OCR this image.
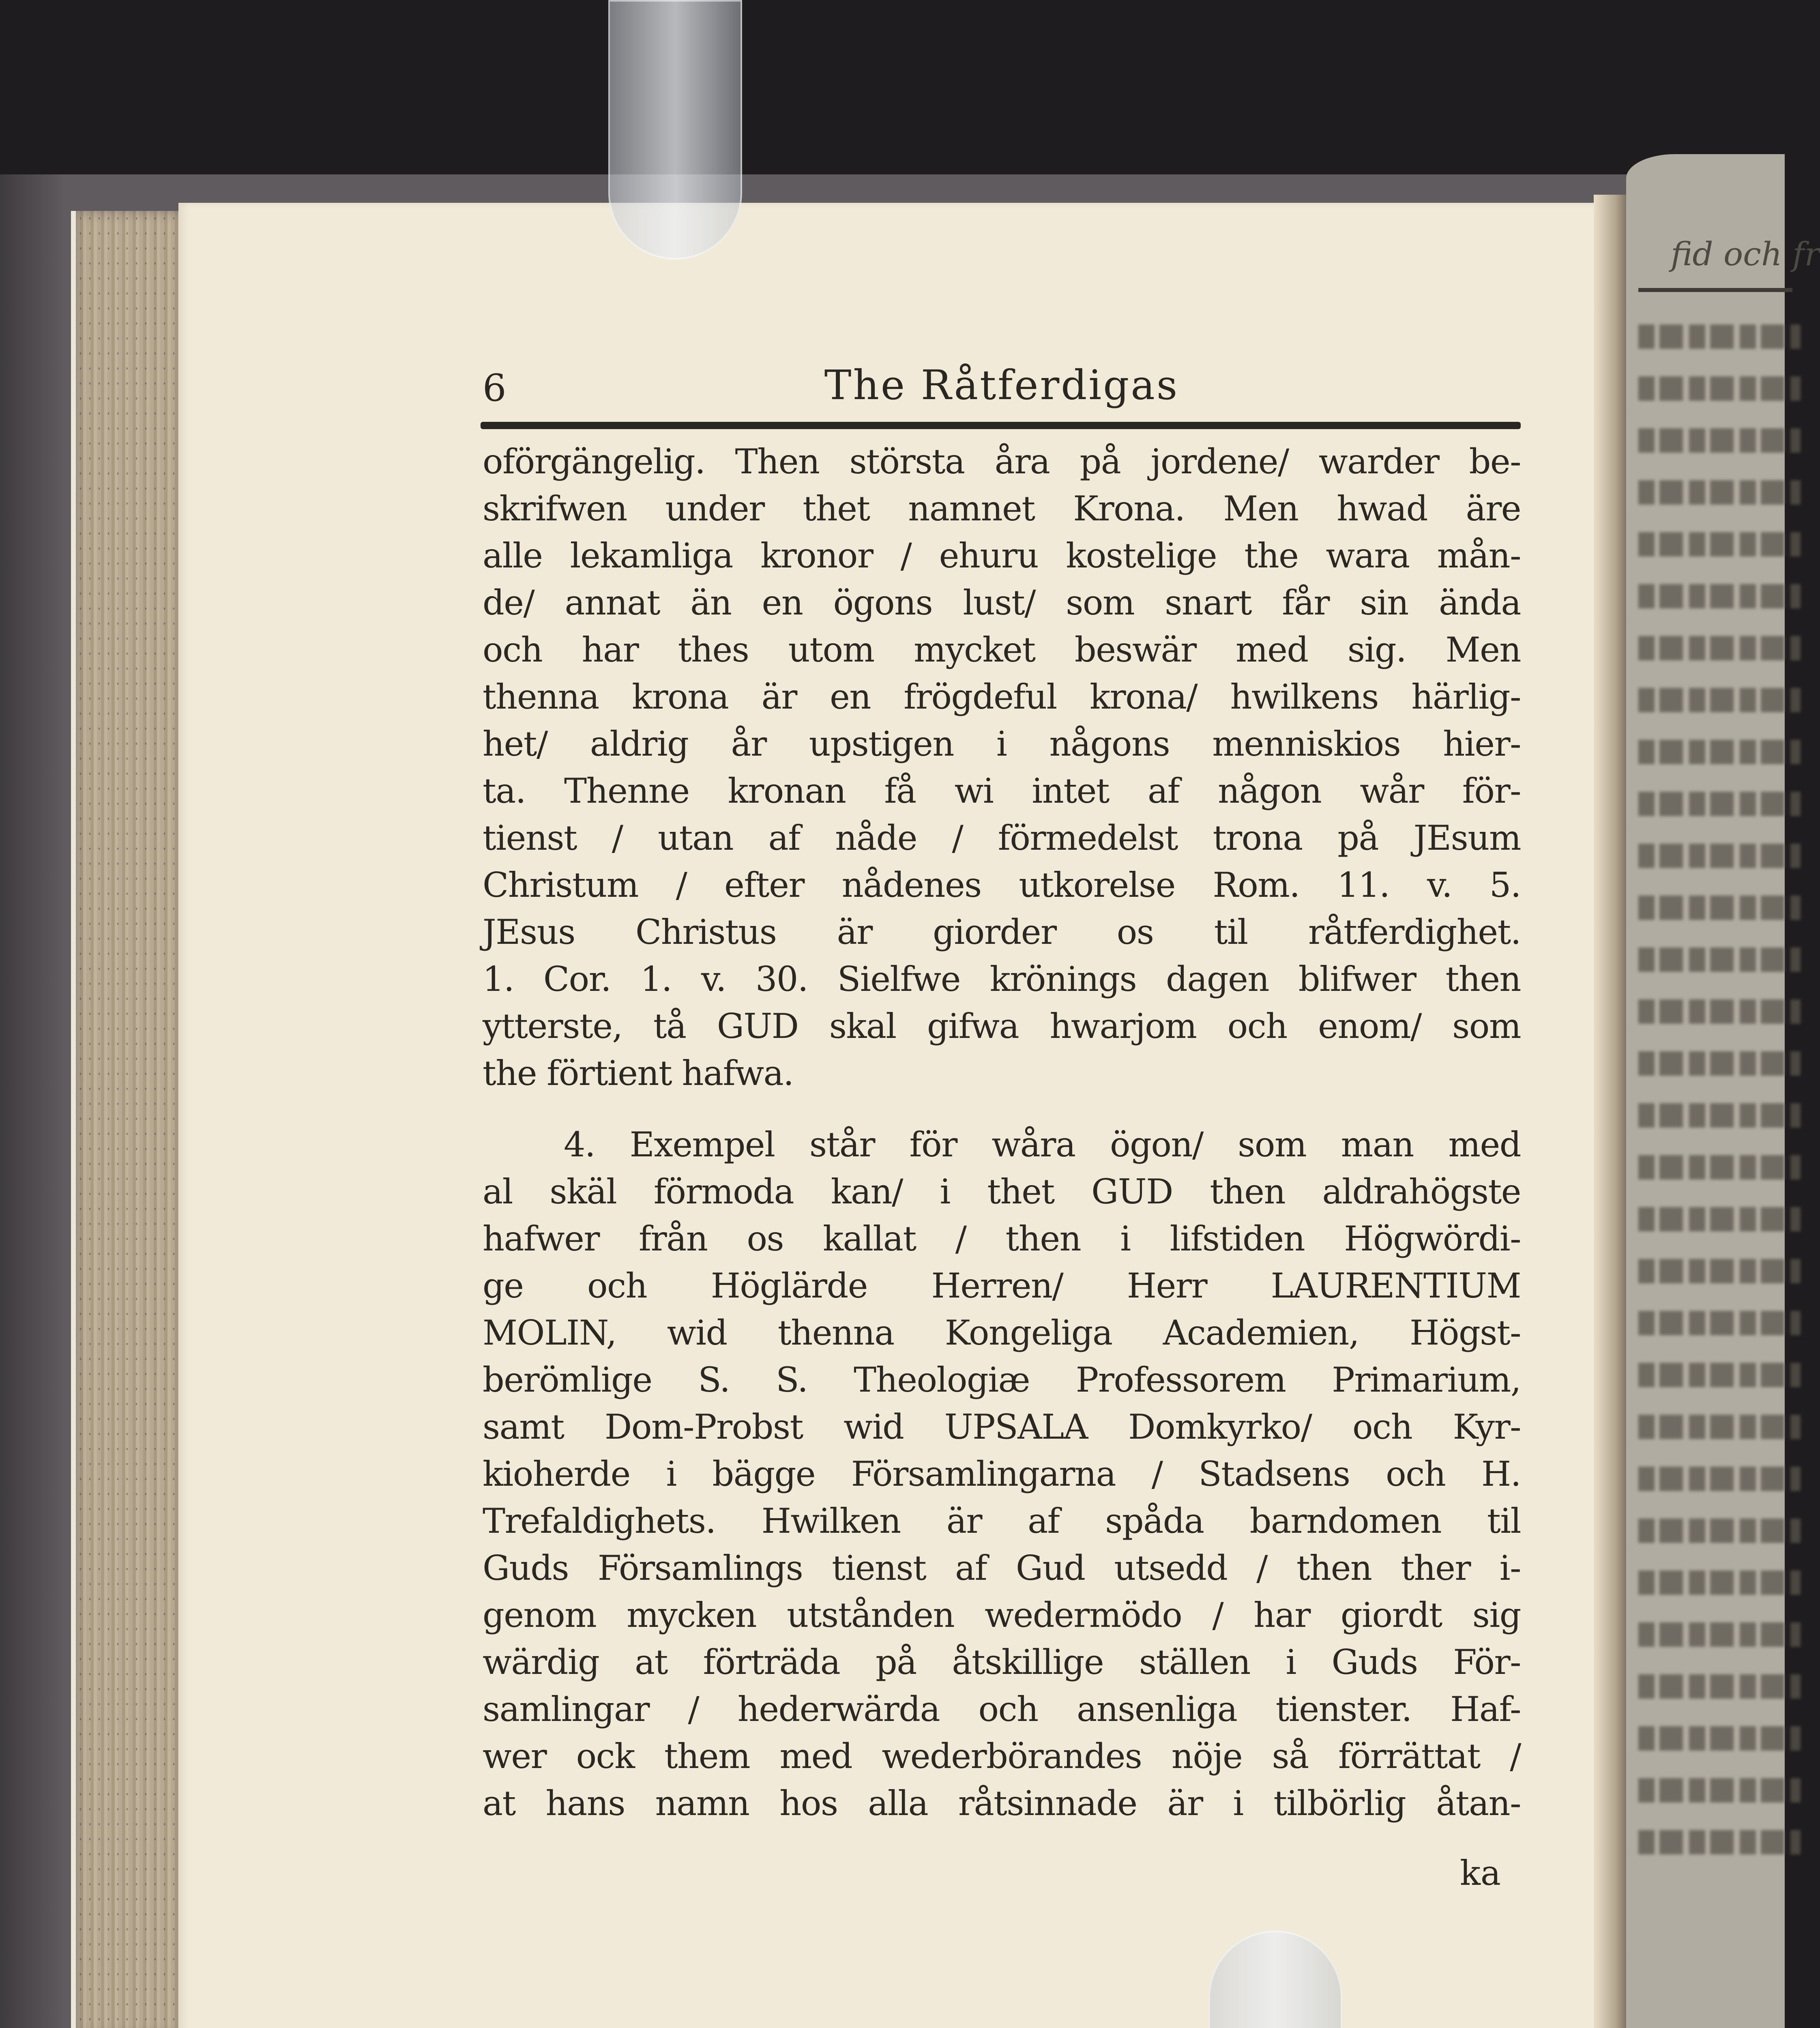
fid och fr
6	The Råtferdigas
oförgängelig. Then största åra på jordene/ warder be-
skrifwen under thet namnet Krona. Men hwad äre
alle lekamliga kronor / ehuru kostelige the wara mån-
de/ annat än en ögons lust/ som snart får sin ända
och har thes utom mycket beswär med sig. Men
thenna krona är en frögdeful krona/ hwilkens härlig-
het/ aldrig år upstigen i någons menniskios hier-
ta. Thenne kronan få wi intet af någon wår för-
tienst / utan af nåde / förmedelst trona på JEsum
Christum / efter nådenes utkorelse Rom. 11. v. 5.
JEsus Christus är giorder os til råtferdighet.
1. Cor. 1. v. 30. Sielfwe krönings dagen blifwer then
ytterste, tå GUD skal gifwa hwarjom och enom/ som
the förtient hafwa.
4. Exempel står för wåra ögon/ som man med
al skäl förmoda kan/ i thet GUD then aldrahögste
hafwer från os kallat / then i lifstiden Högwördi-
ge och Höglärde Herren/ Herr LAURENTIUM
MOLIN, wid thenna Kongeliga Academien, Högst-
berömlige S. S. Theologiæ Professorem Primarium,
samt Dom-Probst wid UPSALA Domkyrko/ och Kyr-
kioherde i bägge Församlingarna / Stadsens och H.
Trefaldighets. Hwilken är af spåda barndomen til
Guds Församlings tienst af Gud utsedd / then ther i-
genom mycken utstånden wedermödo / har giordt sig
wärdig at förträda på åtskillige ställen i Guds För-
samlingar / hederwärda och ansenliga tienster. Haf-
wer ock them med wederbörandes nöje så förrättat /
at hans namn hos alla råtsinnade är i tilbörlig åtan-
ka
